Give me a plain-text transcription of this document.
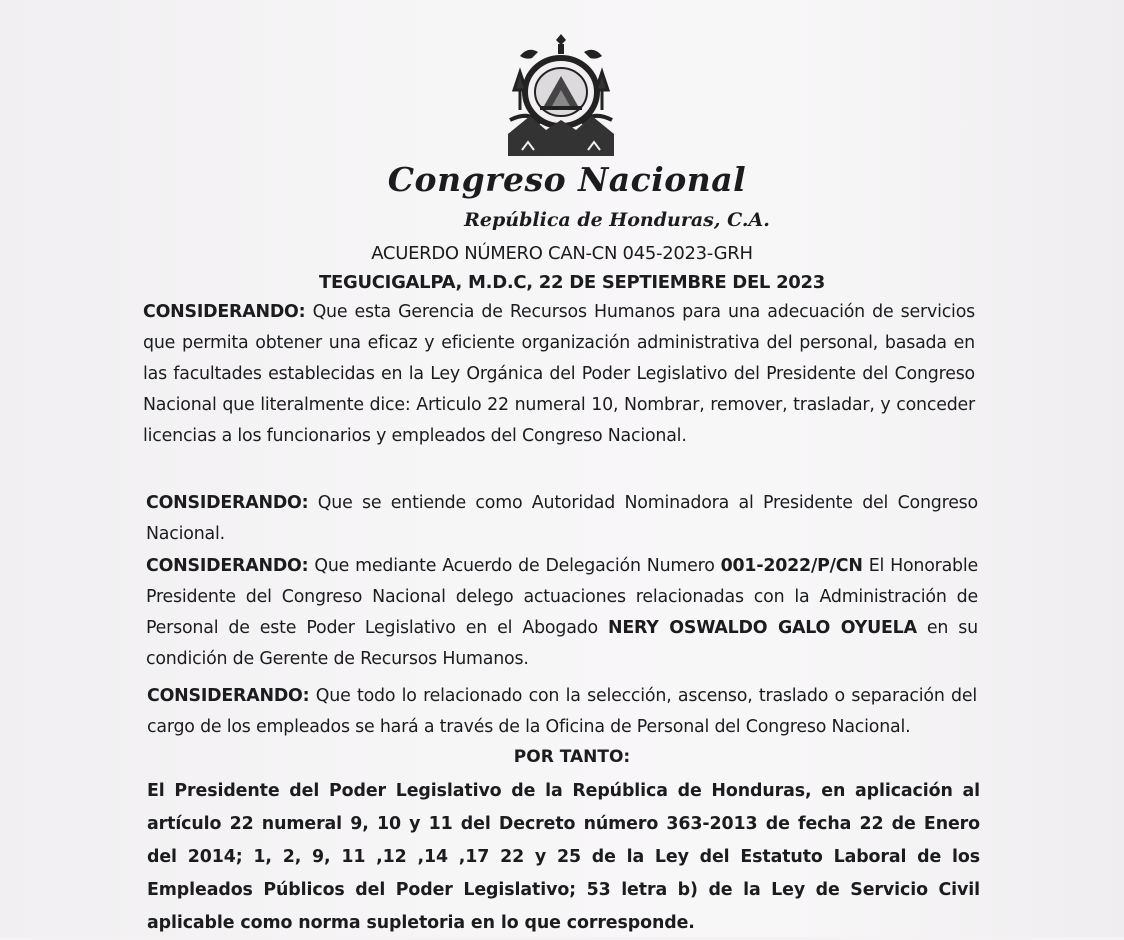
Congreso Nacional
República de Honduras, C.A.
ACUERDO NÚMERO CAN-CN 045-2023-GRH
TEGUCIGALPA, M.D.C, 22 DE SEPTIEMBRE DEL 2023
CONSIDERANDO: Que esta Gerencia de Recursos Humanos para una adecuación de servicios que permita obtener una eficaz y eficiente organización administrativa del personal, basada en las facultades establecidas en la Ley Orgánica del Poder Legislativo del Presidente del Congreso Nacional que literalmente dice: Articulo 22 numeral 10, Nombrar, remover, trasladar, y conceder licencias a los funcionarios y empleados del Congreso Nacional.
CONSIDERANDO: Que se entiende como Autoridad Nominadora al Presidente del Congreso Nacional.
CONSIDERANDO: Que mediante Acuerdo de Delegación Numero 001-2022/P/CN El Honorable Presidente del Congreso Nacional delego actuaciones relacionadas con la Administración de Personal de este Poder Legislativo en el Abogado NERY OSWALDO GALO OYUELA en su condición de Gerente de Recursos Humanos.
CONSIDERANDO: Que todo lo relacionado con la selección, ascenso, traslado o separación del cargo de los empleados se hará a través de la Oficina de Personal del Congreso Nacional.
POR TANTO:
El Presidente del Poder Legislativo de la República de Honduras, en aplicación al artículo 22 numeral 9, 10 y 11 del Decreto número 363-2013 de fecha 22 de Enero del 2014; 1, 2, 9, 11 ,12 ,14 ,17 22 y 25 de la Ley del Estatuto Laboral de los Empleados Públicos del Poder Legislativo; 53 letra b) de la Ley de Servicio Civil aplicable como norma supletoria en lo que corresponde.
